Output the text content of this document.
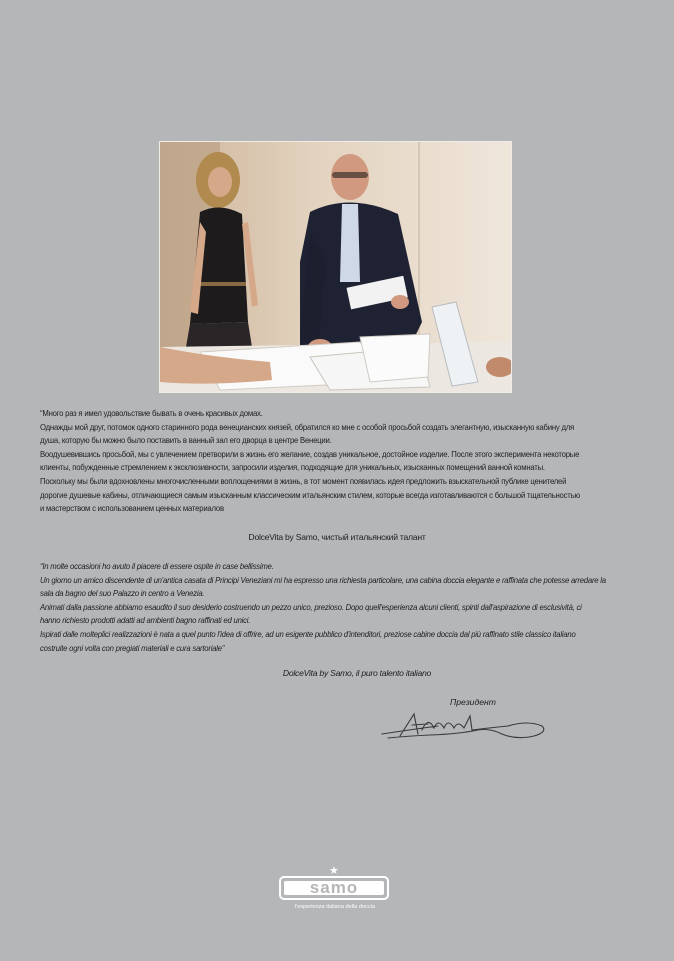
“Много раз я имел удовольствие бывать в очень красивых домах.

Однажды мой друг, потомок одного старинного рода венецианских князей, обратился ко мне с особой просьбой создать элегантную, изысканную кабину для

душа, которую бы можно было поставить в ванный зал его дворца в центре Венеции.

Воодушевившись просьбой, мы с увлечением претворили в жизнь его желание, создав уникальное, достойное изделие. После этого эксперимента некоторые

клиенты, побужденные стремлением к эксклюзивности, запросили изделия, подходящие для уникальных, изысканных помещений ванной комнаты.

Поскольку мы были вдохновлены многочисленными воплощениями в жизнь, в тот момент появилась идея предложить взыскательной публике ценителей

дорогие душевые кабины, отличающиеся самым изысканным классическим итальянским стилем, которые всегда изготавливаются с большой тщательностью

и мастерством с использованием ценных материалов

DolceVita by Samo, чистый итальянский талант

“In molte occasioni ho avuto il piacere di essere ospite in case bellissime.

Un giorno un amico discendente di un'antica casata di Principi Veneziani mi ha espresso una richiesta particolare, una cabina doccia elegante e raffinata che potesse arredare la

sala da bagno del suo Palazzo in centro a Venezia.

Animati dalla passione abbiamo esaudito il suo desiderio costruendo un pezzo unico, prezioso. Dopo quell'esperienza alcuni clienti, spinti dall'aspirazione di esclusività, ci

hanno richiesto prodotti adatti ad ambienti bagno raffinati ed unici.

Ispirati dalle molteplici realizzazioni è nata a quel punto l'idea di offrire, ad un esigente pubblico d'intenditori, preziose cabine doccia dal più raffinato stile classico italiano

costruite ogni volta con pregiati materiali e cura sartoriale”

DolceVita by Samo, il puro talento italiano
Президент
★
samo
l'esperienza italiana della doccia
